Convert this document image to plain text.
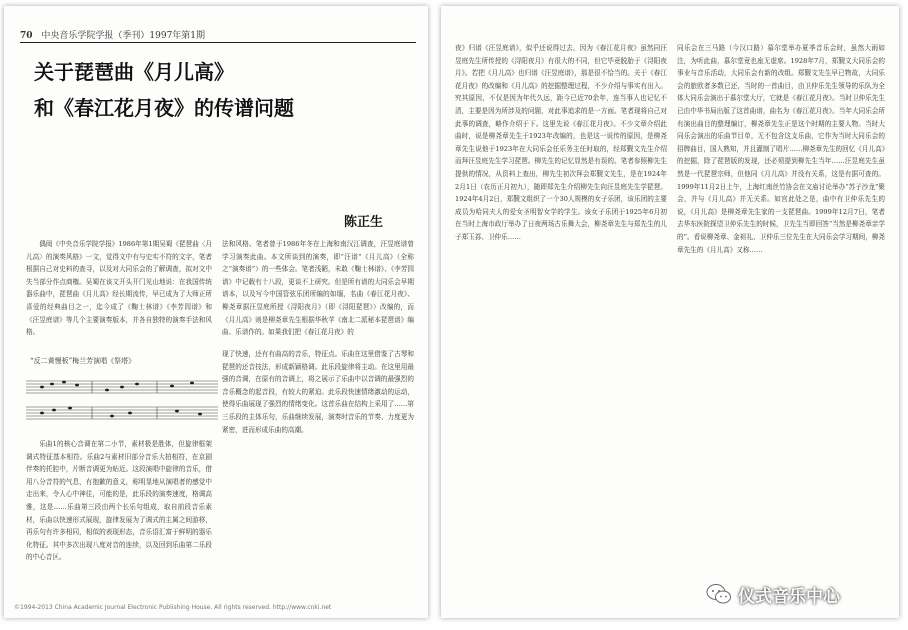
70 中央音乐学院学报（季刊）1997年第1期
关于琵琶曲《月儿高》
和《春江花月夜》的传谱问题
陈正生

偶阅《中央音乐学院学报》1986年第1期吴蜀《琵琶曲〈月儿高〉的演奏风格》一文，觉得文中有与史实不符的文字，笔者根据自己对史料的查寻，以及对大同乐会的了解调查，拟对文中失当部分作点商権。吴蜀在该文开头开门见山地说：在我国传统器乐曲中，琵琶曲《月儿高》经长期流传，早已成为了大师正所喜爱的经典曲目之一，迄今成了《鞠士林谱》《李芳园谱》和《汪昱庭谱》等几个主要演奏版本，并各自独特的演奏手法和风格。

法和风格。笔者曾于1986年冬在上海和南汉江调查，汪昱庭谱曾学习演奏此曲。本文所谈到的演奏，即“汪谱”《月儿高》（全称之“演奏谱”）的一些体会。笔者浅陋，未敢《鞠士林谱》、《李芳园谱》中记载有十八段，更谈不上研究。但是所有谱的大同乐会早期谱本，以及写今中国管弦乐团所编的如缅，名曲《春江花月夜》、柳尧章据汪昱庭所授《浔阳夜月》（即《浔阳琵琶》）改编的，而《月儿高》则是柳尧章先生根据华秋苹《南北二派秘本琵琶谱》编曲、乐谱作的。如果我们把《春江花月夜》的

“反二黄慢板”梅兰芳演唱《祭塔》

乐曲1的核心音调在第二小节，素材极是胜体，但旋律框架调式特征基本相符。乐曲2与素材旧部分音乐大拍相符，在京剧伴奏的托腔中，片断音调更为贴近。这段演唱中旋律的音乐，借用八分音符的气息，有抱歉的意义，称明显地从演唱者的感觉中走出来，令人心中神往，可能的是，此乐段的演奏速度，格调高雅，这是……乐曲第三段由两个长乐句组成，取自前段音乐素材，乐曲以快速形式展现，旋律发展为了调式的主属之间游移，再乐句有许多相同，相似的表现形态，音乐语汇富于鲜明的器乐化特征。其中多次出现八度对音的连续，以及回到乐曲第二乐段的中心音区。

现了快速，还有有曲高的音乐，特征点。乐曲在这里借鉴了古琴和琵琶的还音技法，形成新颖格调。此乐段旋律将主动。在这里用最强的音调，在原有的音调上，将之展示了乐曲中以音调的最强烈的音乐概念的起音段，有较大的紧迫。此乐段快速情绪激动的运动，使得乐曲展现了强烈的情绪变化。这首乐曲在结构上采用了……第三乐段的主体乐句，乐曲继续发展，演奏时音乐的节奏、力度更为紧密，进而形成乐曲的高潮。

©1994-2013 China Academic Journal Electronic Publishing House. All rights reserved. http://www.cnki.net

夜》归谱《汪昱庭谱》，似乎还说得过去，因为《春江花月夜》虽然同汪昱庭先生所传授的《浔阳夜月》有很大的不同，但它毕竟脱胎于《浔阳夜月》。若把《月儿高》也归谱《汪昱庭谱》，那是很不恰当的。关于《春江花月夜》的改编和《月儿高》的挖掘整理过程，不少介绍与事实有出入。究其原因，不仅是因为年代久远，距今已近70余年，连当事人也记忆不清，主要是因为所涉及的问题，对此事追求的是一方面。笔者现将自己对此事的调查，略作介绍于下。这里先说《春江花月夜》。不少文章介绍此曲时，说是柳尧章先生于1923年改编的，也是这一说传的原因，是柳尧章先生说他于1923年在大同乐会任乐务主任时取的，经郑觐文先生介绍而拜汪昱庭先生学习琵琶。柳先生的记忆显然是有误的。笔者参照柳先生提供的情况，从资料上查出，柳先生初次拜会郑觐文先生，是在1924年2月1日（农历正月初九），随即郑先生介绍柳先生向汪昱庭先生学琵琶。1924年4月2日，郑觐文组织了一个30人规模的女子乐团，该乐团的主要成员为哈同夫人的爱女圣明智女学的学生。该女子乐团于1925年6月初在当时上海市政厅举办了日夜两场古乐舞大会，柳尧章先生与郑先生的儿子郑玉荪、卫仲乐……

同乐会在三马路（今汉口路）慕尔堂举办夏季音乐会时，虽然大雨如注，为听此曲，慕尔堂竟也座无虚席。1928年7月，郑觐文大同乐会的事业与音乐活动，大同乐会有新的改组。郑觐文先生早已物故，大同乐会的旅欧者多数已还，当时的一首曲目，由卫仲乐先生领导的乐队为全体大同乐会演出于慕尔堂大厅，它就是《春江花月夜》。当时卫仲乐先生已由中华书局出版了这首曲谱，曲名为《春江花月夜》。当年大同乐会所有演出曲目的整理编订，柳尧章先生正是这个时期的主要人物。当时大同乐会演出的乐曲节目单，无不包含这支乐曲，它作为当时大同乐会的招牌曲目，国人熟知，并且灌制了唱片……柳尧章先生的回忆《月儿高》的挖掘，除了琵琶版的发现，还必须提到柳先生当年……汪昱庭先生虽然是一代琵琶宗师，但他同《月儿高》并没有关系，这是有据可查的。1999年11月2日上午，上海红南丝竹协会在文庙讨论举办“苏子沙龙”聚会，并与《月儿高》并无关系。如宫此处之是，曲中有卫仲乐先生的说，《月儿高》是柳尧章先生家的一支琵琶曲。1999年12月7日，笔者去华东医院探望卫仲乐先生的时候，卫先生当即回答“当然是柳尧章亲学的”。看说柳尧章、金祖礼、卫仲乐三位先生在大同乐会学习期间，柳尧章先生的《月儿高》又称……

仪式音乐中心
